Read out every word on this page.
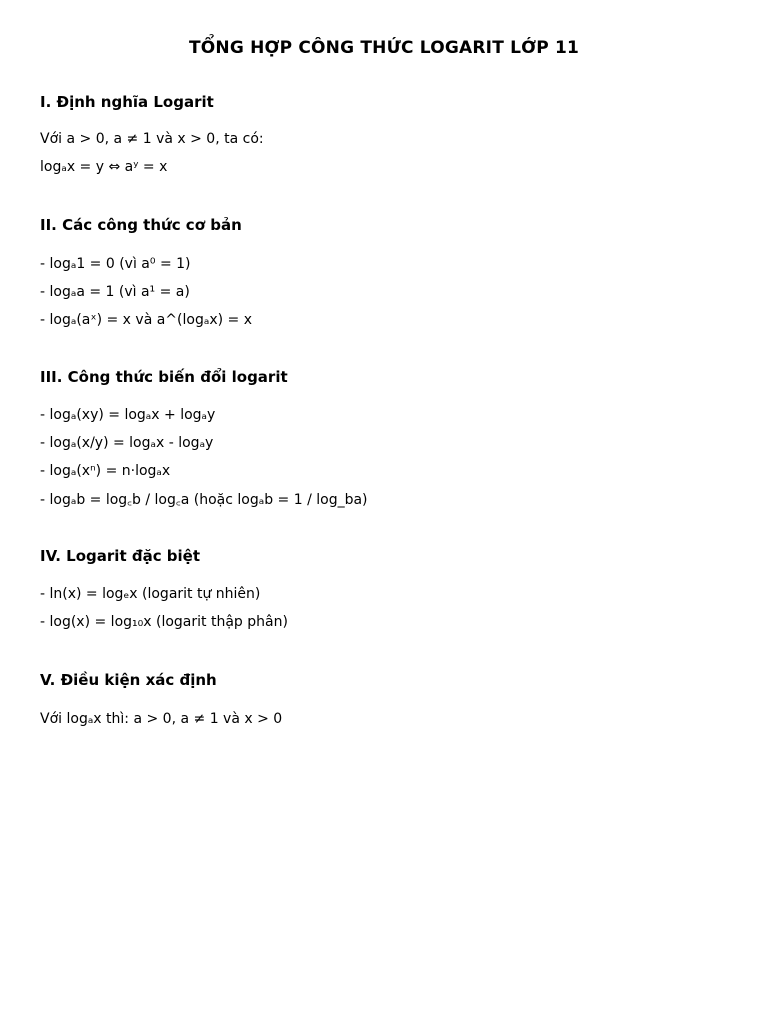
TỔNG HỢP CÔNG THỨC LOGARIT LỚP 11
I. Định nghĩa Logarit

Với a > 0, a ≠ 1 và x > 0, ta có:

logₐx = y ⇔ aʸ = x

II. Các công thức cơ bản

- logₐ1 = 0 (vì a⁰ = 1)

- logₐa = 1 (vì a¹ = a)

- logₐ(aˣ) = x và a^(logₐx) = x

III. Công thức biến đổi logarit

- logₐ(xy) = logₐx + logₐy

- logₐ(x/y) = logₐx - logₐy

- logₐ(xⁿ) = n·logₐx

- logₐb = log꜀b / log꜀a (hoặc logₐb = 1 / log_ba)

IV. Logarit đặc biệt

- ln(x) = logₑx (logarit tự nhiên)

- log(x) = log₁₀x (logarit thập phân)

V. Điều kiện xác định

Với logₐx thì: a > 0, a ≠ 1 và x > 0
